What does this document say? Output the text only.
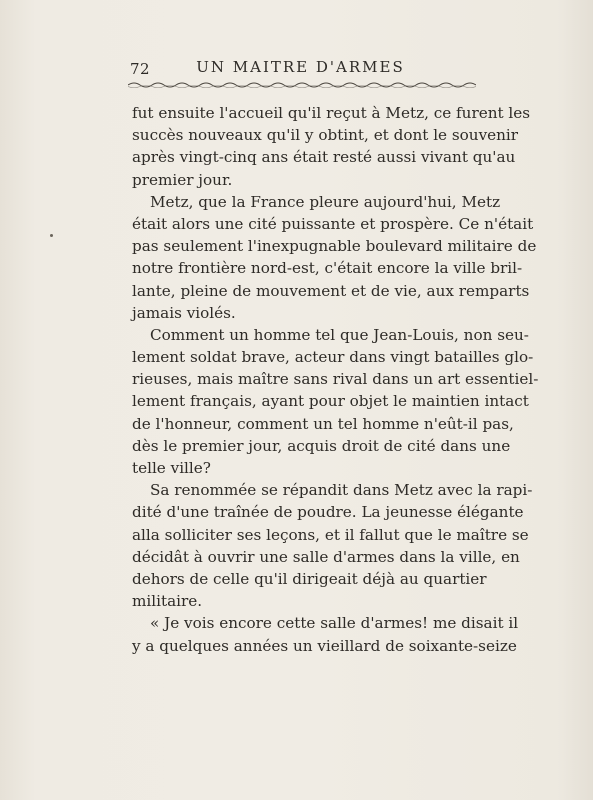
72	UN MAITRE D'ARMES
fut ensuite l'accueil qu'il reçut à Metz, ce furent les
succès nouveaux qu'il y obtint, et dont le souvenir
après vingt-cinq ans était resté aussi vivant qu'au
premier jour.
Metz, que la France pleure aujourd'hui, Metz
était alors une cité puissante et prospère. Ce n'était
pas seulement l'inexpugnable boulevard militaire de
notre frontière nord-est, c'était encore la ville bril-
lante, pleine de mouvement et de vie, aux remparts
jamais violés.
Comment un homme tel que Jean-Louis, non seu-
lement soldat brave, acteur dans vingt batailles glo-
rieuses, mais maître sans rival dans un art essentiel-
lement français, ayant pour objet le maintien intact
de l'honneur, comment un tel homme n'eût-il pas,
dès le premier jour, acquis droit de cité dans une
telle ville?
Sa renommée se répandit dans Metz avec la rapi-
dité d'une traînée de poudre. La jeunesse élégante
alla solliciter ses leçons, et il fallut que le maître se
décidât à ouvrir une salle d'armes dans la ville, en
dehors de celle qu'il dirigeait déjà au quartier
militaire.
« Je vois encore cette salle d'armes! me disait il
y a quelques années un vieillard de soixante-seize
